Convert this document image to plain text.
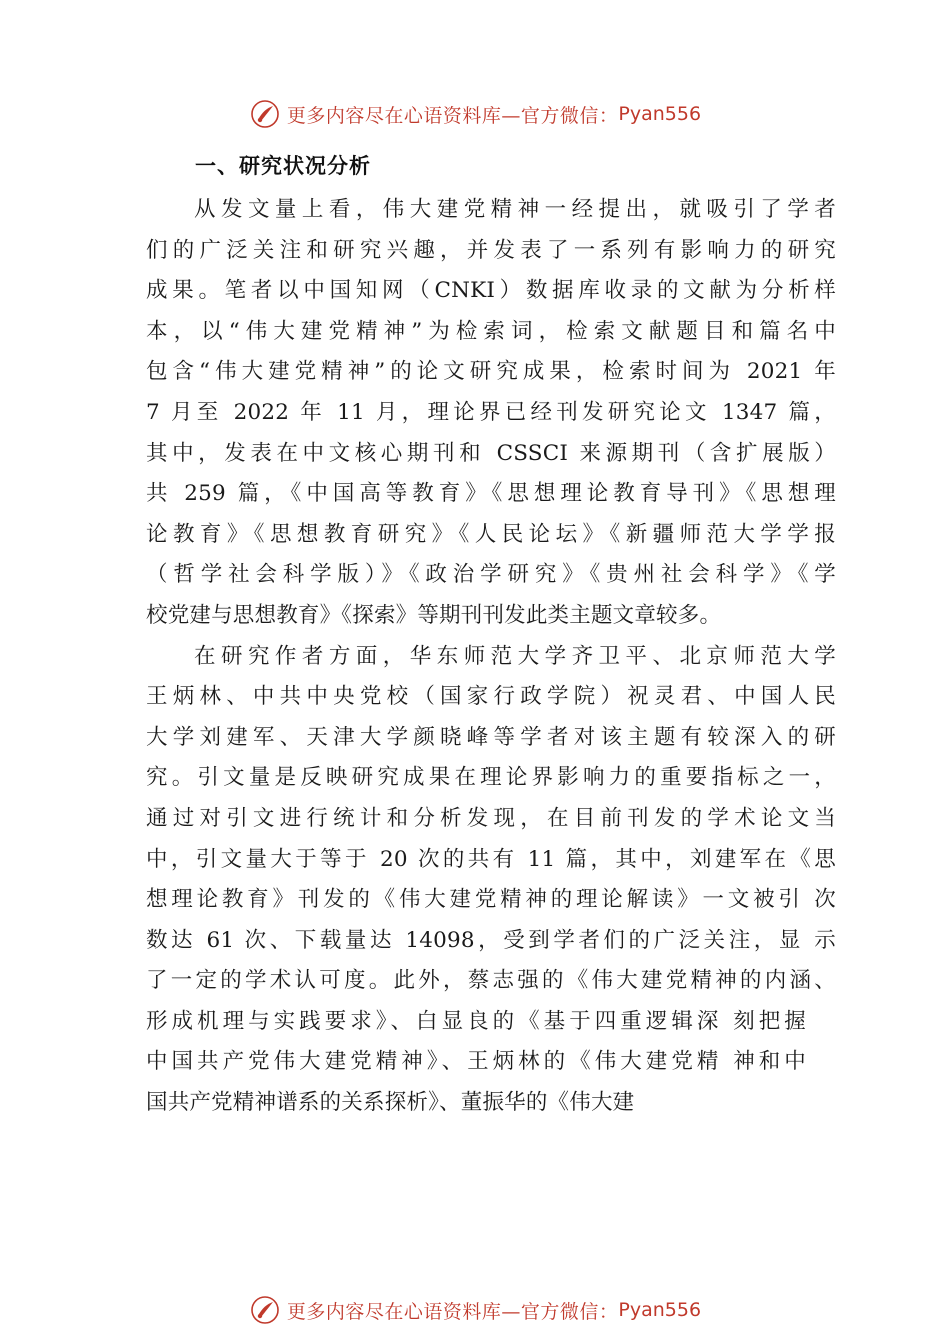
更多内容尽在心语资料库—官方微信： Pyan556
一、研究状况分析
从发文量上看，伟大建党精神一经提出，就吸引了学者
们的广泛关注和研究兴趣，并发表了一系列有影响力的研究
成果。笔者以中国知网（CNKI）数据库收录的文献为分析样
本，以“伟大建党精神”为检索词，检索文献题目和篇名中
包含“伟大建党精神”的论文研究成果，检索时间为 2021 年
7 月至 2022 年 11 月，理论界已经刊发研究论文 1347 篇，
其中，发表在中文核心期刊和 CSSCI 来源期刊（含扩展版）
共 259 篇，《中国高等教育》《思想理论教育导刊》《思想理
论教育》《思想教育研究》《人民论坛》《新疆师范大学学报
（哲学社会科学版）》《政治学研究》《贵州社会科学》《学
校党建与思想教育》《探索》等期刊刊发此类主题文章较多。
在研究作者方面，华东师范大学齐卫平、北京师范大学
王炳林、中共中央党校（国家行政学院）祝灵君、中国人民
大学刘建军、天津大学颜晓峰等学者对该主题有较深入的研
究。引文量是反映研究成果在理论界影响力的重要指标之一，
通过对引文进行统计和分析发现，在目前刊发的学术论文当
中，引文量大于等于 20 次的共有 11 篇，其中，刘建军在《思
想理论教育》刊发的《伟大建党精神的理论解读》一文被引 次
数达 61 次、下载量达 14098，受到学者们的广泛关注，显 示
了一定的学术认可度。此外，蔡志强的《伟大建党精神的内涵、
形成机理与实践要求》、白显良的《基于四重逻辑深 刻把握
中国共产党伟大建党精神》、王炳林的《伟大建党精 神和中
国共产党精神谱系的关系探析》、董振华的《伟大建
更多内容尽在心语资料库—官方微信： Pyan556
